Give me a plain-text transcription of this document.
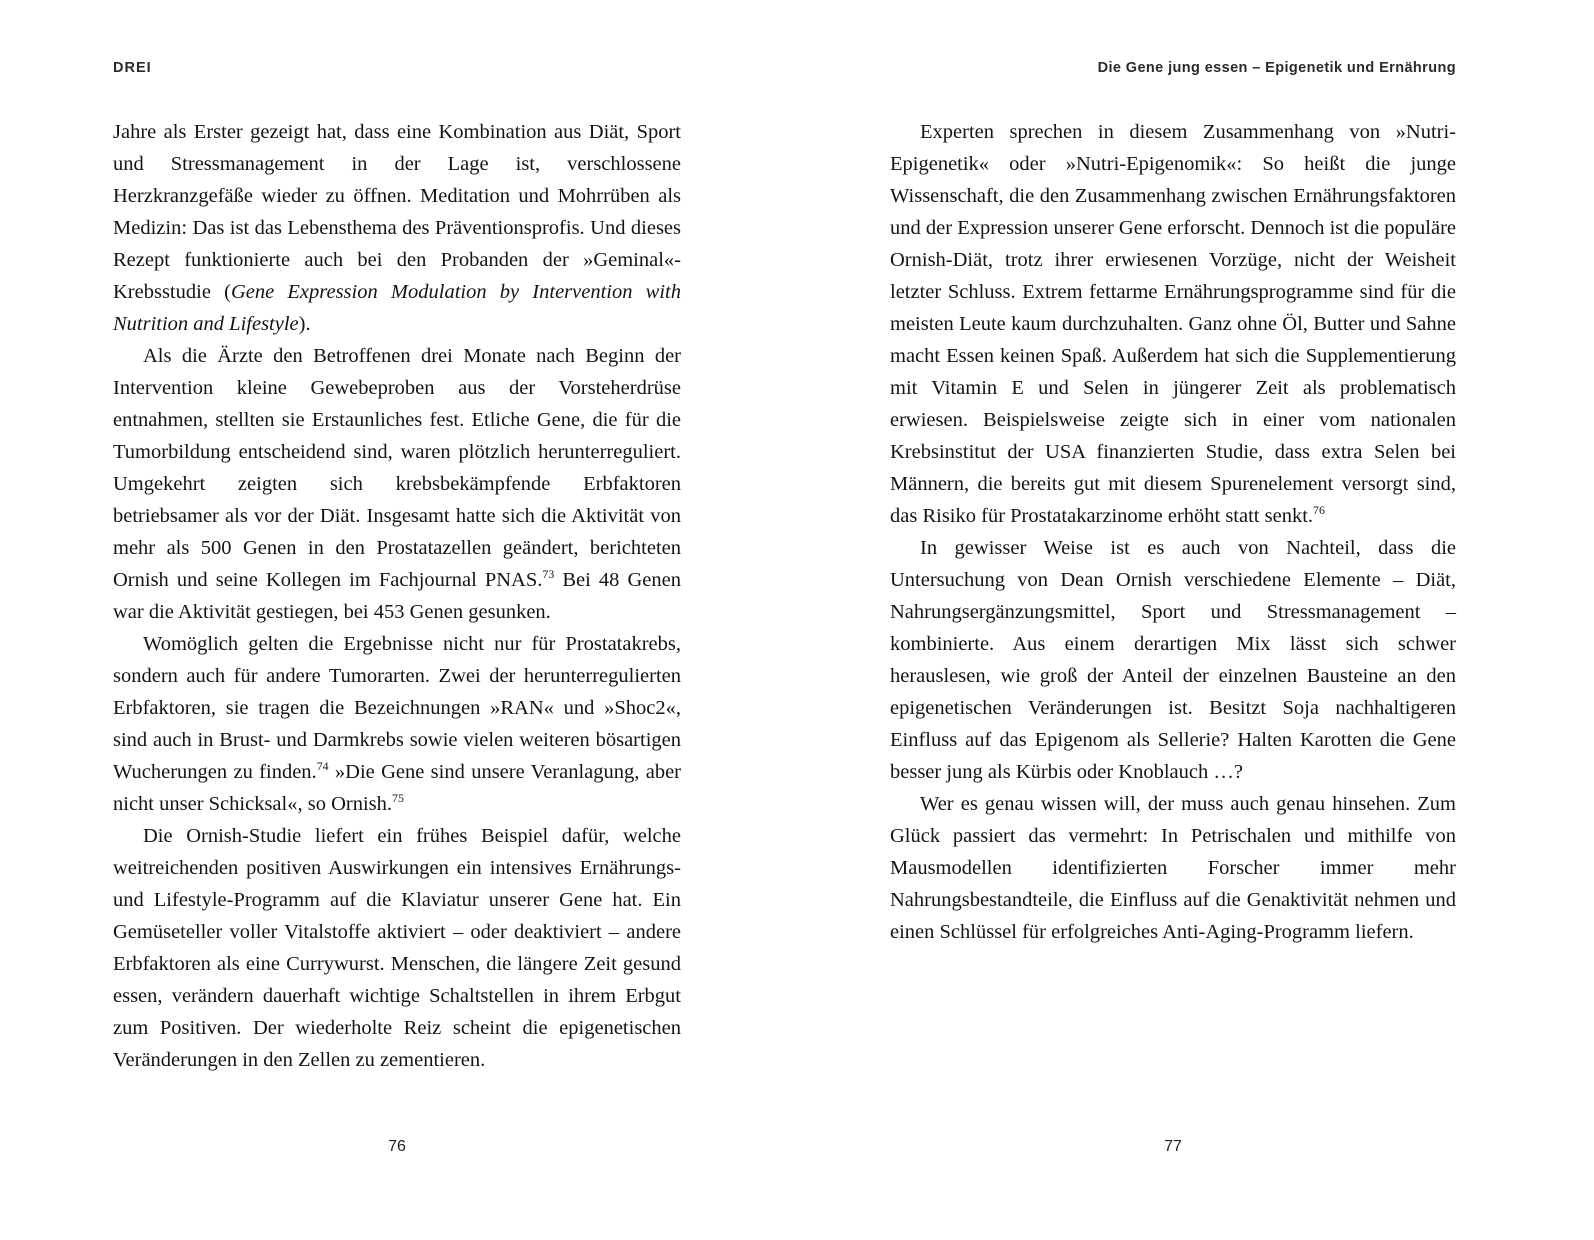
DREI	Die Gene jung essen – Epigenetik und Ernährung

Jahre als Erster gezeigt hat, dass eine Kombination aus Diät, Sport und Stressmanagement in der Lage ist, verschlossene Herzkranzgefäße wieder zu öffnen. Meditation und Mohrrüben als Medizin: Das ist das Lebensthema des Präventionsprofis. Und dieses Rezept funktionierte auch bei den Probanden der »Geminal«-Krebsstudie (Gene Expression Modulation by Intervention with Nutrition and Lifestyle).

Als die Ärzte den Betroffenen drei Monate nach Beginn der Intervention kleine Gewebeproben aus der Vorsteherdrüse entnahmen, stellten sie Erstaunliches fest. Etliche Gene, die für die Tumorbildung entscheidend sind, waren plötzlich herunterreguliert. Umgekehrt zeigten sich krebsbekämpfende Erbfaktoren betriebsamer als vor der Diät. Insgesamt hatte sich die Aktivität von mehr als 500 Genen in den Prostatazellen geändert, berichteten Ornish und seine Kollegen im Fachjournal PNAS.$^{73}$ Bei 48 Genen war die Aktivität gestiegen, bei 453 Genen gesunken.

Womöglich gelten die Ergebnisse nicht nur für Prostatakrebs, sondern auch für andere Tumorarten. Zwei der herunterregulierten Erbfaktoren, sie tragen die Bezeichnungen »RAN« und »Shoc2«, sind auch in Brust- und Darmkrebs sowie vielen weiteren bösartigen Wucherungen zu finden.$^{74}$ »Die Gene sind unsere Veranlagung, aber nicht unser Schicksal«, so Ornish.$^{75}$

Die Ornish-Studie liefert ein frühes Beispiel dafür, welche weitreichenden positiven Auswirkungen ein intensives Ernährungs- und Lifestyle-Programm auf die Klaviatur unserer Gene hat. Ein Gemüseteller voller Vitalstoffe aktiviert – oder deaktiviert – andere Erbfaktoren als eine Currywurst. Menschen, die längere Zeit gesund essen, verändern dauerhaft wichtige Schaltstellen in ihrem Erbgut zum Positiven. Der wiederholte Reiz scheint die epigenetischen Veränderungen in den Zellen zu zementieren.

Experten sprechen in diesem Zusammenhang von »Nutri-Epigenetik« oder »Nutri-Epigenomik«: So heißt die junge Wissenschaft, die den Zusammenhang zwischen Ernährungsfaktoren und der Expression unserer Gene erforscht. Dennoch ist die populäre Ornish-Diät, trotz ihrer erwiesenen Vorzüge, nicht der Weisheit letzter Schluss. Extrem fettarme Ernährungsprogramme sind für die meisten Leute kaum durchzuhalten. Ganz ohne Öl, Butter und Sahne macht Essen keinen Spaß. Außerdem hat sich die Supplementierung mit Vitamin E und Selen in jüngerer Zeit als problematisch erwiesen. Beispielsweise zeigte sich in einer vom nationalen Krebsinstitut der USA finanzierten Studie, dass extra Selen bei Männern, die bereits gut mit diesem Spurenelement versorgt sind, das Risiko für Prostatakarzinome erhöht statt senkt.$^{76}$

In gewisser Weise ist es auch von Nachteil, dass die Untersuchung von Dean Ornish verschiedene Elemente – Diät, Nahrungsergänzungsmittel, Sport und Stressmanagement – kombinierte. Aus einem derartigen Mix lässt sich schwer herauslesen, wie groß der Anteil der einzelnen Bausteine an den epigenetischen Veränderungen ist. Besitzt Soja nachhaltigeren Einfluss auf das Epigenom als Sellerie? Halten Karotten die Gene besser jung als Kürbis oder Knoblauch …?

Wer es genau wissen will, der muss auch genau hinsehen. Zum Glück passiert das vermehrt: In Petrischalen und mithilfe von Mausmodellen identifizierten Forscher immer mehr Nahrungsbestandteile, die Einfluss auf die Genaktivität nehmen und einen Schlüssel für erfolgreiches Anti-Aging-Programm liefern.

76	77
